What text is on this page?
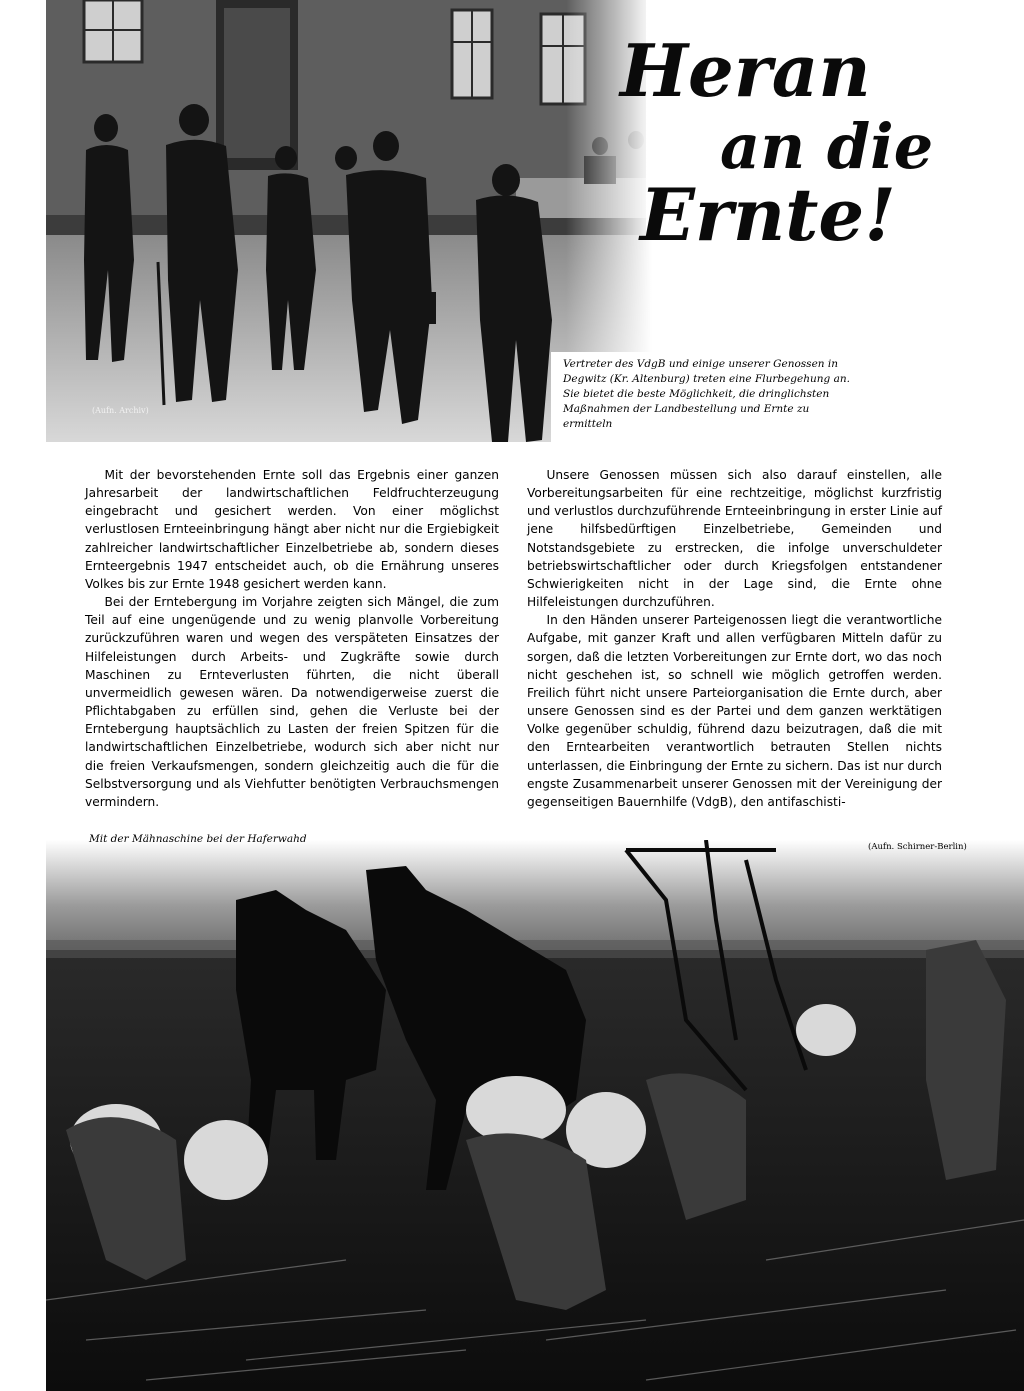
Heran
an die
Ernte!
Vertreter des VdgB und einige unserer Genossen in Degwitz (Kr. Altenburg) treten eine Flurbegehung an. Sie bietet die beste Möglichkeit, die dringlichsten Maßnahmen der Landbestellung und Ernte zu ermitteln
(Aufn. Archiv)

Mit der bevorstehenden Ernte soll das Ergebnis einer ganzen Jahresarbeit der landwirtschaftlichen Feldfruchterzeugung eingebracht und gesichert werden. Von einer möglichst verlustlosen Ernteeinbringung hängt aber nicht nur die Ergiebigkeit zahlreicher landwirtschaftlicher Einzelbetriebe ab, sondern dieses Ernteergebnis 1947 entscheidet auch, ob die Ernährung unseres Volkes bis zur Ernte 1948 gesichert werden kann.

Bei der Erntebergung im Vorjahre zeigten sich Mängel, die zum Teil auf eine ungenügende und zu wenig planvolle Vorbereitung zurückzuführen waren und wegen des verspäteten Einsatzes der Hilfeleistungen durch Arbeits- und Zugkräfte sowie durch Maschinen zu Ernteverlusten führten, die nicht überall unvermeidlich gewesen wären. Da notwendigerweise zuerst die Pflichtabgaben zu erfüllen sind, gehen die Verluste bei der Erntebergung hauptsächlich zu Lasten der freien Spitzen für die landwirtschaftlichen Einzelbetriebe, wodurch sich aber nicht nur die freien Verkaufsmengen, sondern gleichzeitig auch die für die Selbstversorgung und als Viehfutter benötigten Verbrauchsmengen vermindern.

Unsere Genossen müssen sich also darauf einstellen, alle Vorbereitungsarbeiten für eine rechtzeitige, möglichst kurzfristig und verlustlos durchzuführende Ernteeinbringung in erster Linie auf jene hilfsbedürftigen Einzelbetriebe, Gemeinden und Notstandsgebiete zu erstrecken, die infolge unverschuldeter betriebswirtschaftlicher oder durch Kriegsfolgen entstandener Schwierigkeiten nicht in der Lage sind, die Ernte ohne Hilfeleistungen durchzuführen.

In den Händen unserer Parteigenossen liegt die verantwortliche Aufgabe, mit ganzer Kraft und allen verfügbaren Mitteln dafür zu sorgen, daß die letzten Vorbereitungen zur Ernte dort, wo das noch nicht geschehen ist, so schnell wie möglich getroffen werden. Freilich führt nicht unsere Parteiorganisation die Ernte durch, aber unsere Genossen sind es der Partei und dem ganzen werktätigen Volke gegenüber schuldig, führend dazu beizutragen, daß die mit den Erntearbeiten verantwortlich betrauten Stellen nichts unterlassen, die Einbringung der Ernte zu sichern. Das ist nur durch engste Zusammenarbeit unserer Genossen mit der Vereinigung der gegenseitigen Bauernhilfe (VdgB), den antifaschisti-

Mit der Mähnaschine bei der Haferwahd
(Aufn. Schirner-Berlin)
